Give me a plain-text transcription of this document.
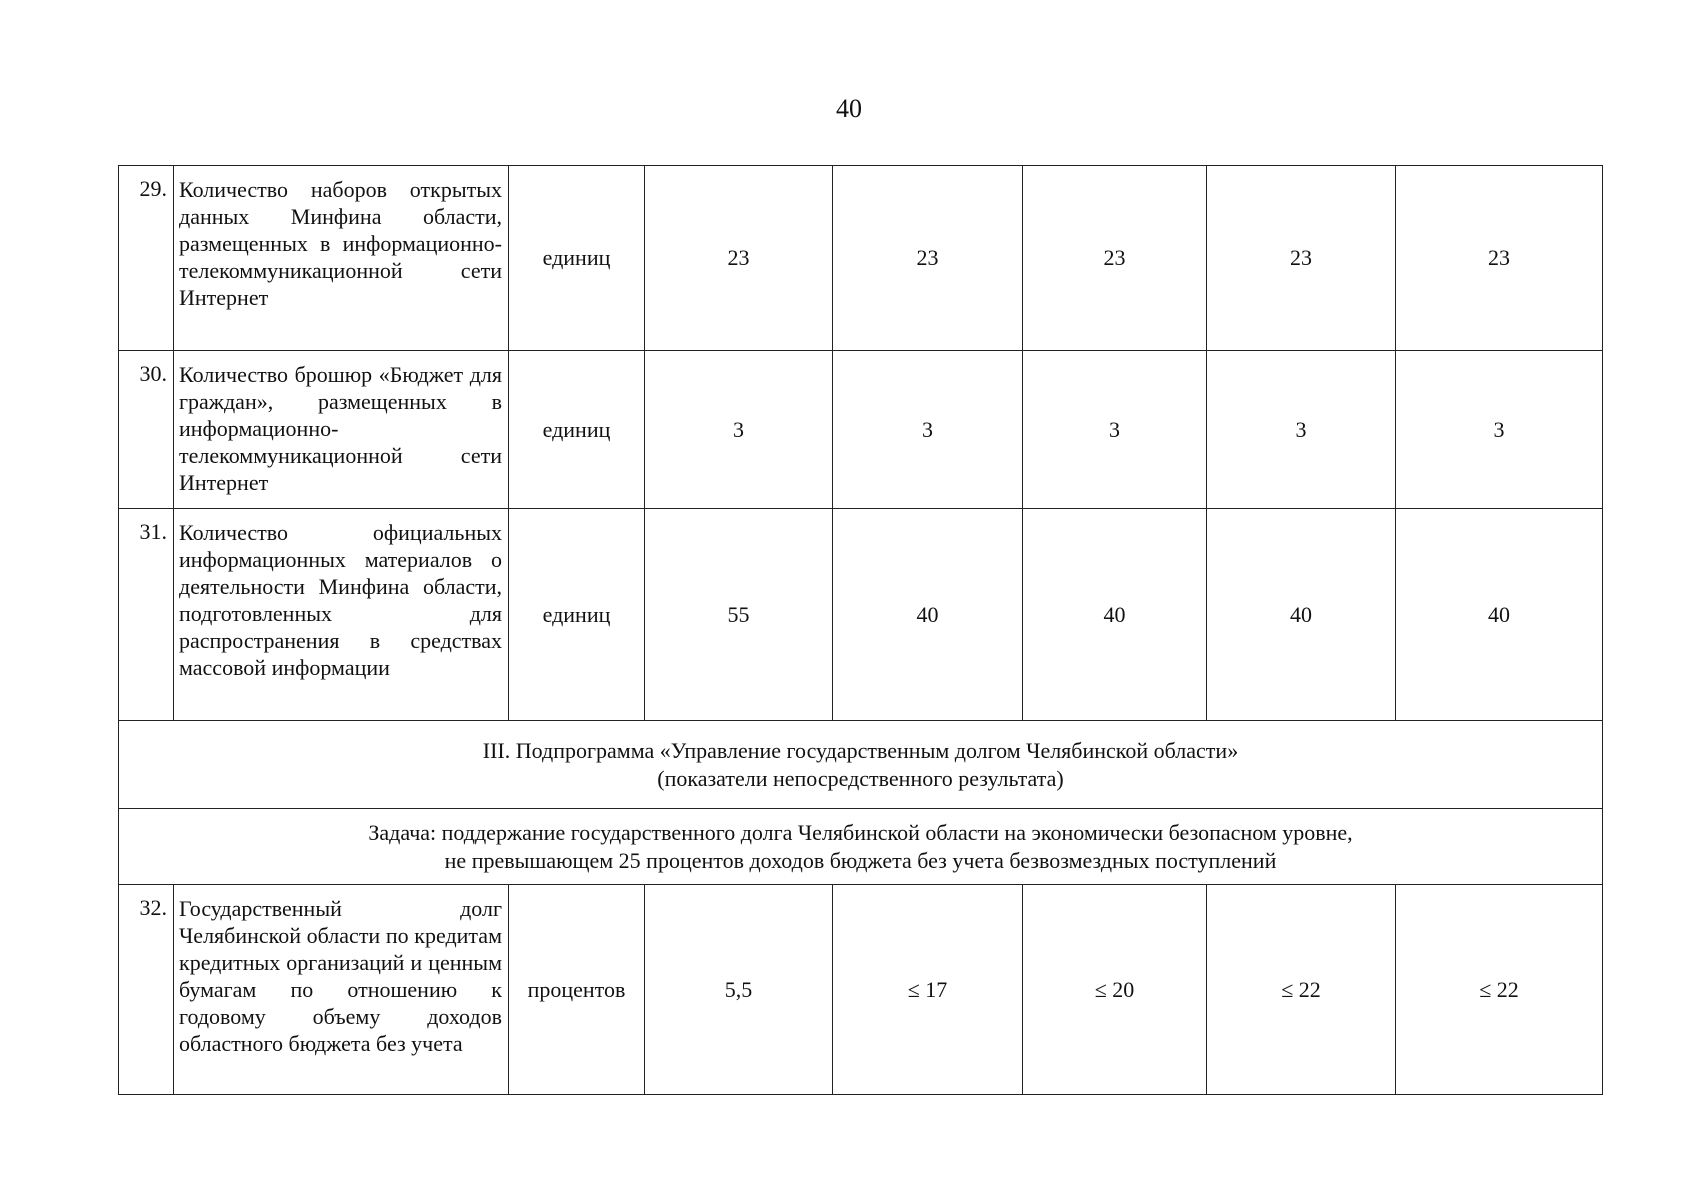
40
29.	Количество наборов открытых данных Минфина области, размещенных в информационно-телекоммуникационной сети Интернет	единиц	23	23	23	23	23
30.	Количество брошюр «Бюджет для граждан», размещенных в информационно-телекоммуникационной сети Интернет	единиц	3	3	3	3	3
31.	Количество официальных информационных материалов о деятельности Минфина области, подготовленных для распространения в средствах массовой информации	единиц	55	40	40	40	40

III. Подпрограмма «Управление государственным долгом Челябинской области»
(показатели непосредственного результата)							

Задача: поддержание государственного долга Челябинской области на экономически безопасном уровне,
не превышающем 25 процентов доходов бюджета без учета безвозмездных поступлений							

32.	Государственный долг Челябинской области по кредитам кредитных организаций и ценным бумагам по отношению к годовому объему доходов областного бюджета без учета	процентов	5,5	≤ 17	≤ 20	≤ 22	≤ 22
